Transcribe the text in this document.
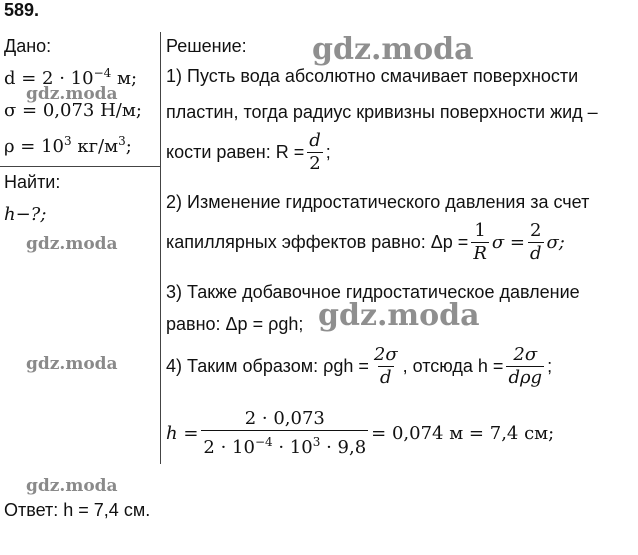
589.
Дано:
$d = 2 \cdot 10^{-4}$ м;
σ = 0,073 Н/м;
$\rho = 10^3$ $кг/м^3$;
Найти:
h−?;
Решение:
1) Пусть вода абсолютно смачивает поверхности
пластин, тогда радиус кривизны поверхности жид –
кости равен: $R = \frac{d}{2}$ ;
2) Изменение гидростатического давления за счет
капиллярных эффектов равно: $\Delta p = \frac{1}{R}$ $\sigma = \frac{2}{d} \sigma$;
3) Также добавочное гидростатическое давление
равно: Δp = ρgh;
4) Таким образом: $\rho gh = \frac{2\sigma}{d}$ , отсюда $h = \frac{2\sigma}{\text{dρg}}$ ;
$h = \frac{2 \cdot 0,073}{2 \cdot 10^{-4} \cdot 10^3 \cdot 9,8} = 0,074$ м = 7,4 см;
Ответ: h = 7,4 см.
gdz.moda
gdz.moda
gdz.moda
gdz.moda
gdz.moda
gdz.moda
